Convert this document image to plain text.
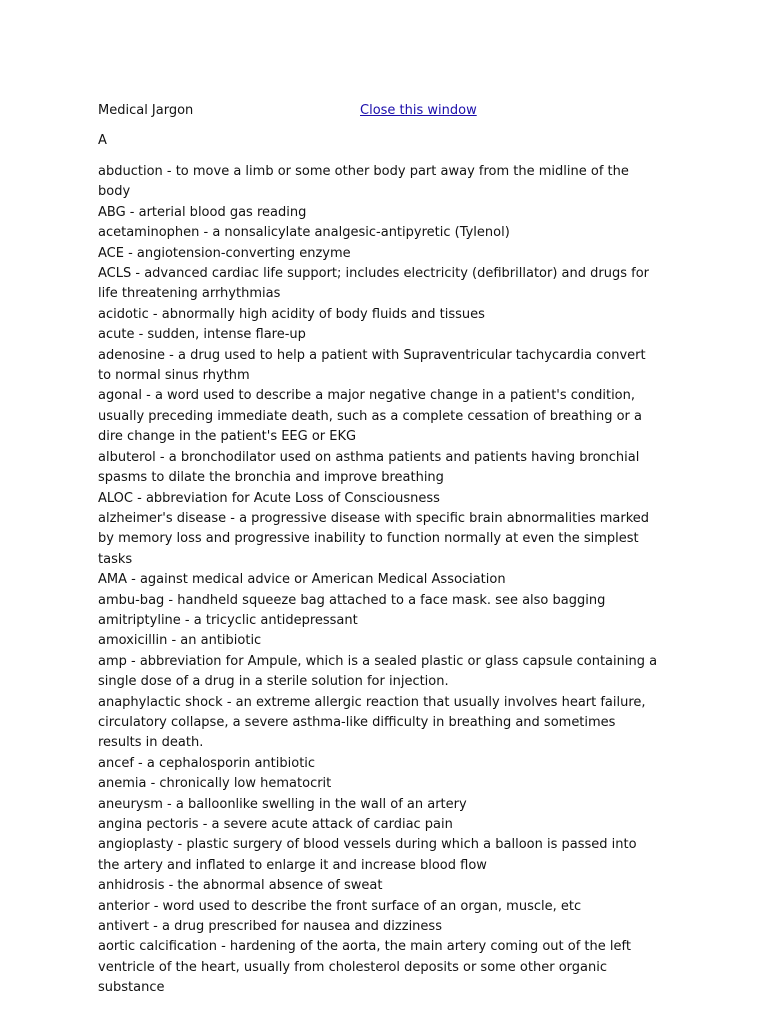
Medical Jargon	Close this window
A
abduction - to move a limb or some other body part away from the midline of the body
ABG - arterial blood gas reading
acetaminophen - a nonsalicylate analgesic-antipyretic (Tylenol)
ACE - angiotension-converting enzyme
ACLS - advanced cardiac life support; includes electricity (defibrillator) and drugs for life threatening arrhythmias
acidotic - abnormally high acidity of body fluids and tissues
acute - sudden, intense flare-up
adenosine - a drug used to help a patient with Supraventricular tachycardia convert to normal sinus rhythm
agonal - a word used to describe a major negative change in a patient's condition, usually preceding immediate death, such as a complete cessation of breathing or a dire change in the patient's EEG or EKG
albuterol - a bronchodilator used on asthma patients and patients having bronchial spasms to dilate the bronchia and improve breathing
ALOC - abbreviation for Acute Loss of Consciousness
alzheimer's disease - a progressive disease with specific brain abnormalities marked by memory loss and progressive inability to function normally at even the simplest tasks
AMA - against medical advice or American Medical Association
ambu-bag - handheld squeeze bag attached to a face mask. see also bagging
amitriptyline - a tricyclic antidepressant
amoxicillin - an antibiotic
amp - abbreviation for Ampule, which is a sealed plastic or glass capsule containing a single dose of a drug in a sterile solution for injection.
anaphylactic shock - an extreme allergic reaction that usually involves heart failure, circulatory collapse, a severe asthma-like difficulty in breathing and sometimes results in death.
ancef - a cephalosporin antibiotic
anemia - chronically low hematocrit
aneurysm - a balloonlike swelling in the wall of an artery
angina pectoris - a severe acute attack of cardiac pain
angioplasty - plastic surgery of blood vessels during which a balloon is passed into the artery and inflated to enlarge it and increase blood flow
anhidrosis - the abnormal absence of sweat
anterior - word used to describe the front surface of an organ, muscle, etc
antivert - a drug prescribed for nausea and dizziness
aortic calcification - hardening of the aorta, the main artery coming out of the left ventricle of the heart, usually from cholesterol deposits or some other organic substance
